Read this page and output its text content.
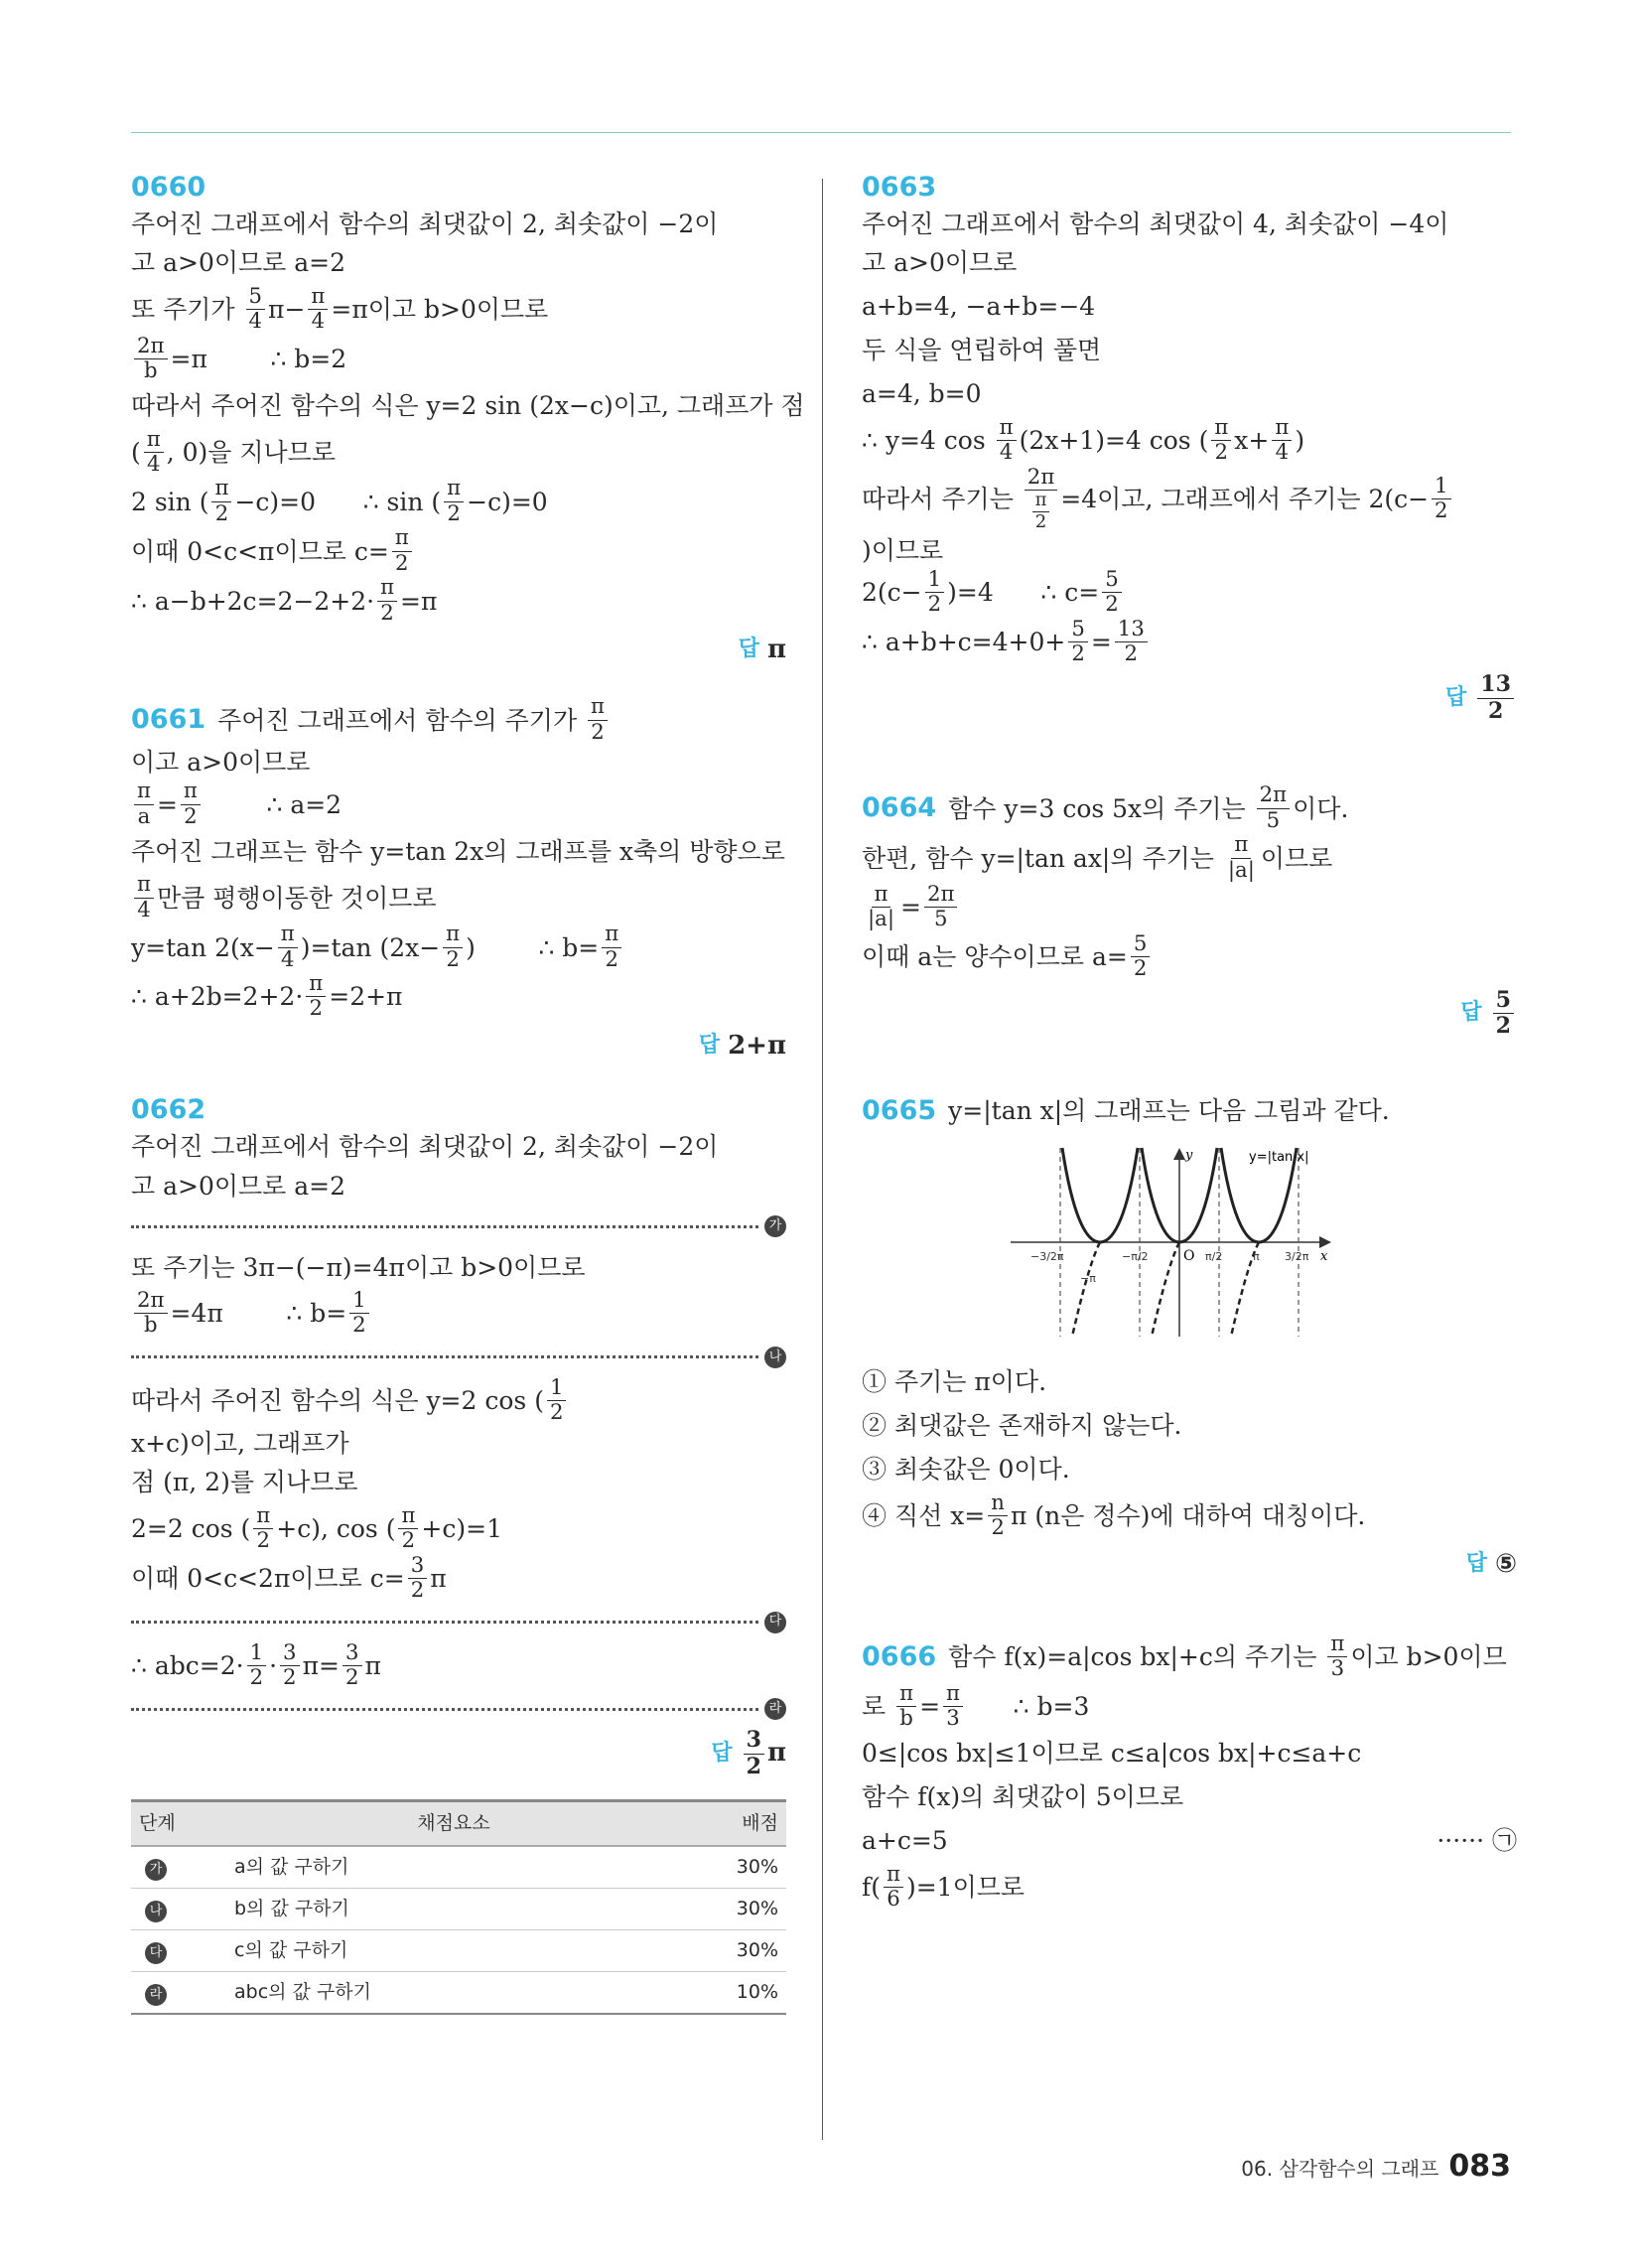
0660
주어진 그래프에서 함수의 최댓값이 2, 최솟값이 −2이
고 a>0이므로 a=2
또 주기가 $\frac{5}{4} \pi- \frac{\pi}{4} =\pi$이고 b>0이므로
$\frac{2\pi}{b} =\pi$        ∴ b=2
따라서 주어진 함수의 식은 y=2 sin (2x−c)이고, 그래프가 점
( $\frac{\pi}{4}$ , 0)을 지나므로
2 sin ( $\frac{\pi}{2} -c)=0$      ∴ sin ( $\frac{\pi}{2} -c)=0$
이때 0<c<π이므로 $c= \frac{\pi}{2}$
∴ $a-b+2c=2-2+2\cdot \frac{\pi}{2} =\pi$
답 π
0661 주어진 그래프에서 함수의 주기가 $\frac{\pi}{2}$
이고 a>0이므로
$\frac{\pi}{a} = \frac{\pi}{2}$ ∴ a=2
주어진 그래프는 함수 y=tan 2x의 그래프를 x축의 방향으로
$\frac{\pi}{4}$ 만큼 평행이동한 것이므로
y=tan $2(x- \frac{\pi}{4} )=\tan$ ($2x- \frac{\pi}{2}$ )        ∴ $b= \frac{\pi}{2}$
∴ $a+2b=2+2\cdot \frac{\pi}{2} =2+\pi$
답 2+π
0662
주어진 그래프에서 함수의 최댓값이 2, 최솟값이 −2이
고 a>0이므로 a=2
가
또 주기는 3π−(−π)=4π이고 b>0이므로
$\frac{2\pi}{b} =4\pi$        ∴ $b= \frac{1}{2}$
나
따라서 주어진 함수의 식은 y=2 cos ( $\frac{1}{2}$
x+c)이고, 그래프가
점 (π, 2)를 지나므로
2=2 cos ( $\frac{\pi}{2} +c$), cos ( $\frac{\pi}{2} +c)=1$
이때 0<c<2π이므로 $c= \frac{3}{2}$ π
다
∴ $abc=2\cdot \frac{1}{2} \cdot \frac{3}{2} \pi= \frac{3}{2}$ π
라
답 $\frac{3}{2}$ π
단계	채점요소	배점
가	a의 값 구하기	30%
나	b의 값 구하기	30%
다	c의 값 구하기	30%
라	abc의 값 구하기	10%
0663
주어진 그래프에서 함수의 최댓값이 4, 최솟값이 −4이
고 a>0이므로
a+b=4, −a+b=−4
두 식을 연립하여 풀면
a=4, b=0
∴ y=4 $\cos \frac{\pi}{4} (2x+1)=4$ cos ( $\frac{\pi}{2} x+ \frac{\pi}{4}$ )
따라서 주기는 $\frac{2\pi}{\frac{\pi}{2}} =4$이고, 그래프에서 주기는 $2(c- \frac{1}{2}$
)이므로
$2(c- \frac{1}{2} )=4$      ∴ $c= \frac{5}{2}$
∴ $a+b+c=4+0+ \frac{5}{2} = \frac{13}{2}$
답 $\frac{13}{2}$
0664 함수 y=3 cos 5x의 주기는 $\frac{2\pi}{5}$ 이다.
한편, 함수 y=|tan ax|의 주기는 $\frac{\pi}{|a|}$ 이므로
$\frac{\pi}{|a|} = \frac{2\pi}{5}$
이때 a는 양수이므로 $a= \frac{5}{2}$
답 $\frac{5}{2}$
0665 y=|tan x|의 그래프는 다음 그림과 같다.
y=|tan x|
y
x
O
−3/2π
−π
−π/2	π/2	π 3/2π
① 주기는 π이다.
② 최댓값은 존재하지 않는다.
③ 최솟값은 0이다.
④ 직선 $x= \frac{n}{2}$ π (n은 정수)에 대하여 대칭이다.
답 ⑤
0666 함수 f(x)=a|cos bx|+c의 주기는 $\frac{\pi}{3}$ 이고 b>0이므
로 $\frac{\pi}{b} = \frac{\pi}{3}$ ∴ b=3
0≤|cos bx|≤1이므로 c≤a|cos bx|+c≤a+c
함수 f(x)의 최댓값이 5이므로
a+c=5	······ ㉠
$f( \frac{\pi}{6} )=1$이므로
06. 삼각함수의 그래프 083
